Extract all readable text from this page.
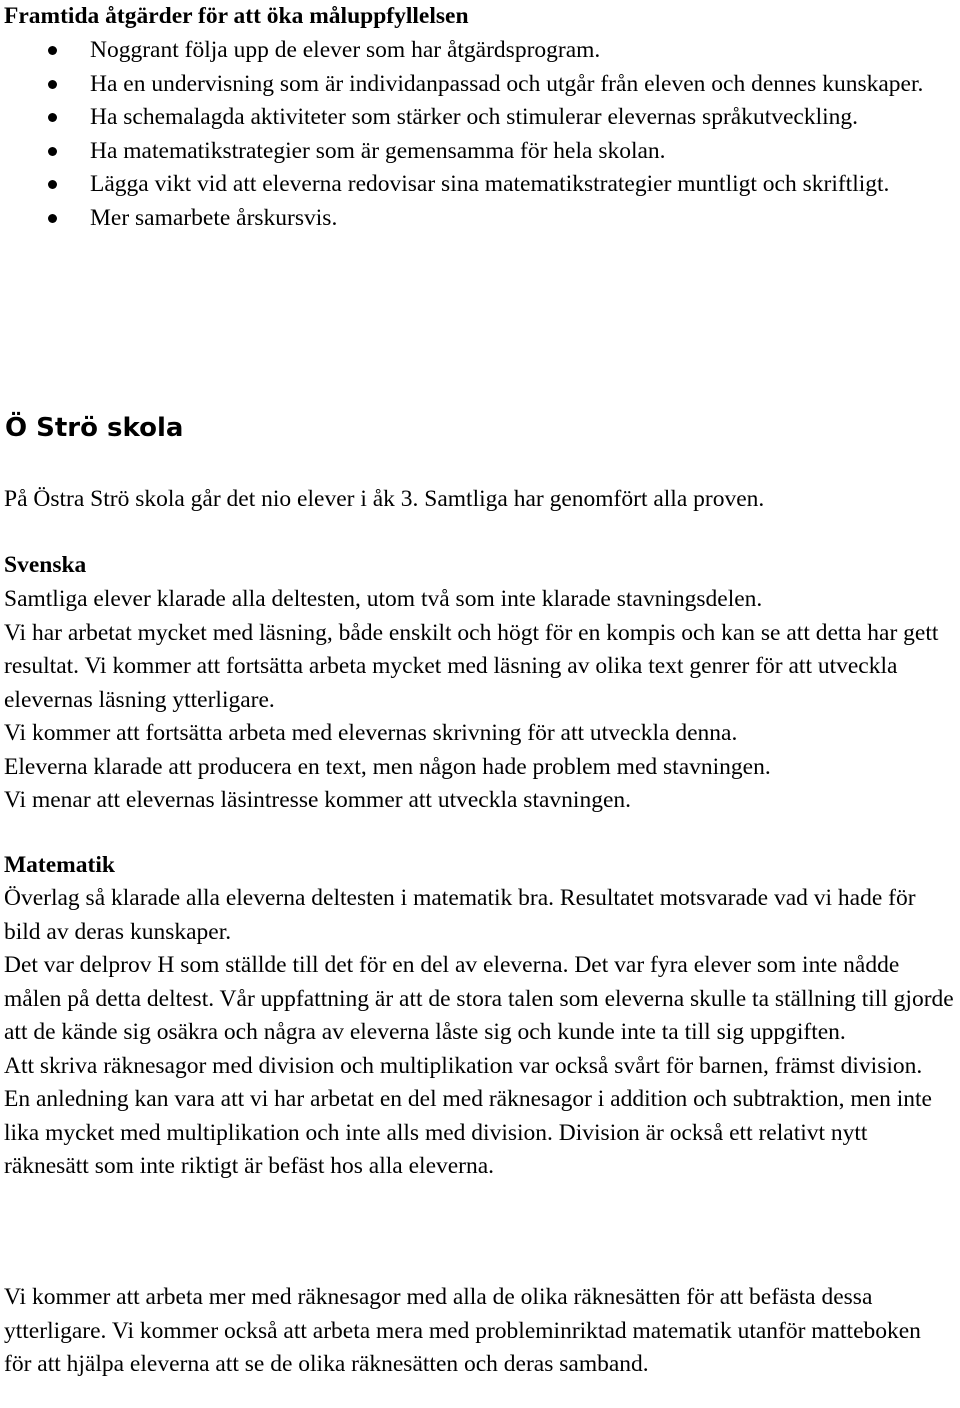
Framtida åtgärder för att öka måluppfyllelsen
Noggrant följa upp de elever som har åtgärdsprogram.
Ha en undervisning som är individanpassad och utgår från eleven och dennes kunskaper.
Ha schemalagda aktiviteter som stärker och stimulerar elevernas språkutveckling.
Ha matematikstrategier som är gemensamma för hela skolan.
Lägga vikt vid att eleverna redovisar sina matematikstrategier muntligt och skriftligt.
Mer samarbete årskursvis.
Ö Strö skola

På Östra Strö skola går det nio elever i åk 3. Samtliga har genomfört alla proven.

Svenska

Samtliga elever klarade alla deltesten, utom två som inte klarade stavningsdelen.

Vi har arbetat mycket med läsning, både enskilt och högt för en kompis och kan se att detta har gett resultat. Vi kommer att fortsätta arbeta mycket med läsning av olika text genrer för att utveckla elevernas läsning ytterligare.

Vi kommer att fortsätta arbeta med elevernas skrivning för att utveckla denna.

Eleverna klarade att producera en text, men någon hade problem med stavningen.

Vi menar att elevernas läsintresse kommer att utveckla stavningen.

Matematik

Överlag så klarade alla eleverna deltesten i matematik bra. Resultatet motsvarade vad vi hade för bild av deras kunskaper.

Det var delprov H som ställde till det för en del av eleverna. Det var fyra elever som inte nådde målen på detta deltest. Vår uppfattning är att de stora talen som eleverna skulle ta ställning till gjorde att de kände sig osäkra och några av eleverna låste sig och kunde inte ta till sig uppgiften.

Att skriva räknesagor med division och multiplikation var också svårt för barnen, främst division. En anledning kan vara att vi har arbetat en del med räknesagor i addition och subtraktion, men inte lika mycket med multiplikation och inte alls med division. Division är också ett relativt nytt räknesätt som inte riktigt är befäst hos alla eleverna.

Vi kommer att arbeta mer med räknesagor med alla de olika räknesätten för att befästa dessa ytterligare. Vi kommer också att arbeta mera med probleminriktad matematik utanför matteboken för att hjälpa eleverna att se de olika räknesätten och deras samband.
